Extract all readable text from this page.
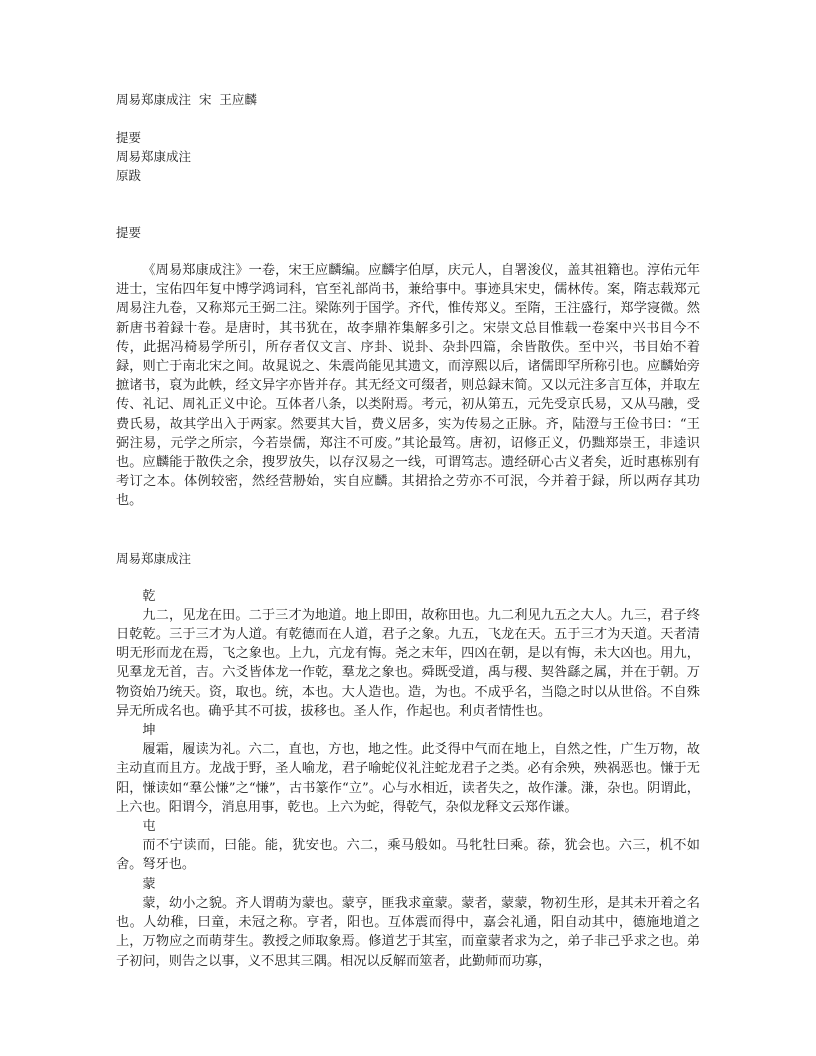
周易郑康成注  宋  王应麟

提要

周易郑康成注

原跋

提要

《周易郑康成注》一卷，宋王应麟编。应麟字伯厚，庆元人，自署浚仪，盖其祖籍也。淳佑元年进士，宝佑四年复中博学鸿词科，官至礼部尚书，兼给事中。事迹具宋史，儒林传。案，隋志载郑元周易注九卷，又称郑元王弼二注。梁陈列于国学。齐代，惟传郑义。至隋，王注盛行，郑学寖微。然新唐书着録十卷。是唐时，其书犹在，故李鼎祚集解多引之。宋崇文总目惟载一卷案中兴书目今不传，此据冯椅易学所引，所存者仅文言、序卦、说卦、杂卦四篇，余皆散佚。至中兴，书目始不着録，则亡于南北宋之间。故晁说之、朱震尚能见其遗文，而淳熙以后，诸儒即罕所称引也。应麟始旁摭诸书，裒为此帙，经文异字亦皆并存。其无经文可缀者，则总録末简。又以元注多言互体，并取左传、礼记、周礼正义中论。互体者八条，以类附焉。考元，初从第五，元先受京氏易，又从马融，受费氏易，故其学出入于两家。然要其大旨，费义居多，实为传易之正脉。齐，陆澄与王俭书曰：“王弼注易，元学之所宗，今若崇儒，郑注不可废。”其论最笃。唐初，诏修正义，仍黜郑崇王，非逵识也。应麟能于散佚之余，搜罗放失，以存汉易之一线，可谓笃志。遗经研心古义者矣，近时惠栋别有考订之本。体例较密，然经营刱始，实自应麟。其捃拾之劳亦不可泯，今并着于録，所以两存其功也。

周易郑康成注

乾

九二，见龙在田。二于三才为地道。地上即田，故称田也。九二利见九五之大人。九三，君子终日乾乾。三于三才为人道。有乾德而在人道，君子之象。九五，飞龙在天。五于三才为天道。天者清明无形而龙在焉，飞之象也。上九，亢龙有悔。尧之末年，四凶在朝，是以有悔，未大凶也。用九，见羣龙无首，吉。六爻皆体龙一作乾，羣龙之象也。舜既受道，禹与稷、契咎繇之属，并在于朝。万物资始乃统天。资，取也。统，本也。大人造也。造，为也。不成乎名，当隐之时以从世俗。不自殊异无所成名也。确乎其不可拔，拔移也。圣人作，作起也。利贞者情性也。

坤

履霜，履读为礼。六二，直也，方也，地之性。此爻得中气而在地上，自然之性，广生万物，故主动直而且方。龙战于野，圣人喻龙，君子喻蛇仪礼注蛇龙君子之类。必有余殃，殃祸恶也。慊于无阳，慊读如“羣公慊”之“慊”，古书篆作“立”。心与水相近，读者失之，故作溓。溓，杂也。阴谓此，上六也。阳谓今，消息用事，乾也。上六为蛇，得乾气，杂似龙释文云郑作谦。

屯

而不宁读而，曰能。能，犹安也。六二，乘马般如。马牝牡曰乘。蒣，犹会也。六三，机不如舍。弩牙也。

蒙

蒙，幼小之貌。齐人谓萌为蒙也。蒙亨，匪我求童蒙。蒙者，蒙蒙，物初生形，是其未开着之名也。人幼稚，曰童，未冠之称。亨者，阳也。互体震而得中，嘉会礼通，阳自动其中，德施地道之上，万物应之而萌芽生。教授之师取象焉。修道艺于其室，而童蒙者求为之，弟子非己乎求之也。弟子初问，则告之以事，义不思其三隅。相况以反解而筮者，此勤师而功寡，
